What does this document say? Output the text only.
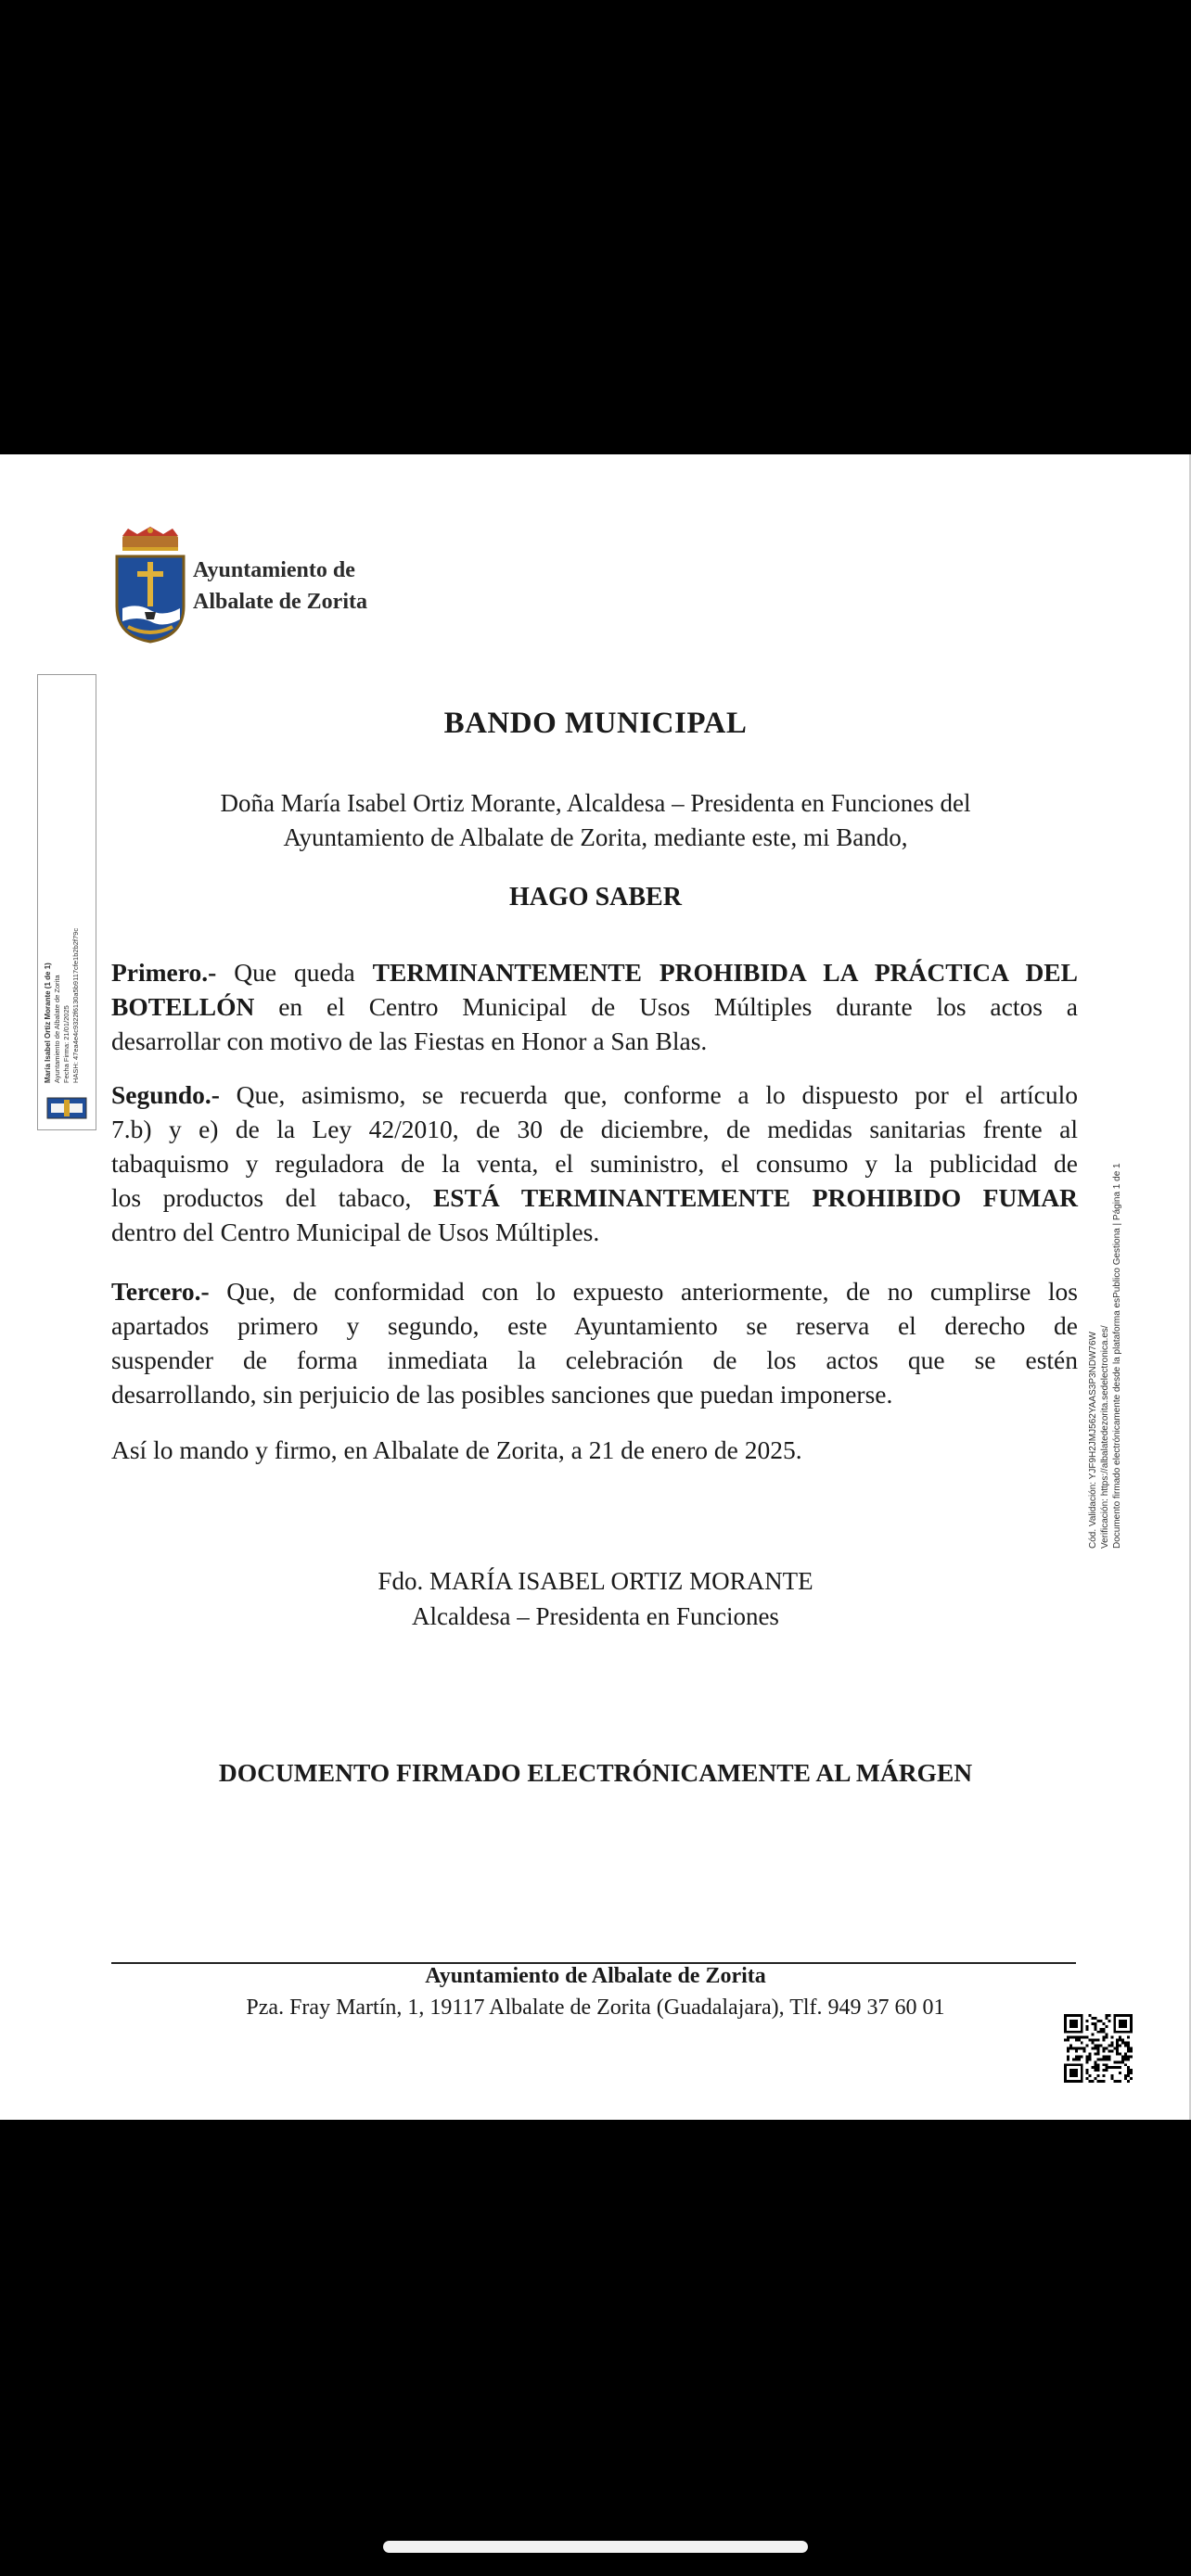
Ayuntamiento de
Albalate de Zorita
María Isabel Ortiz Morante (1 de 1) Ayuntamiento de Albalate de Zorita Fecha Firma: 21/01/2025 HASH: 47ea4e4c9322f6130a5b9117cfe1b2b2f79c
BANDO MUNICIPAL
Doña María Isabel Ortiz Morante, Alcaldesa – Presidenta en Funciones del
Ayuntamiento de Albalate de Zorita, mediante este, mi Bando,
HAGO SABER
Primero.- Que queda TERMINANTEMENTE PROHIBIDA LA PRÁCTICA DEL
BOTELLÓN en el Centro Municipal de Usos Múltiples durante los actos a
desarrollar con motivo de las Fiestas en Honor a San Blas.
Segundo.- Que, asimismo, se recuerda que, conforme a lo dispuesto por el artículo
7.b) y e) de la Ley 42/2010, de 30 de diciembre, de medidas sanitarias frente al
tabaquismo y reguladora de la venta, el suministro, el consumo y la publicidad de
los productos del tabaco, ESTÁ TERMINANTEMENTE PROHIBIDO FUMAR
dentro del Centro Municipal de Usos Múltiples.
Tercero.- Que, de conformidad con lo expuesto anteriormente, de no cumplirse los
apartados primero y segundo, este Ayuntamiento se reserva el derecho de
suspender de forma inmediata la celebración de los actos que se estén
desarrollando, sin perjuicio de las posibles sanciones que puedan imponerse.
Así lo mando y firmo, en Albalate de Zorita, a 21 de enero de 2025.
Fdo. MARÍA ISABEL ORTIZ MORANTE
Alcaldesa – Presidenta en Funciones
DOCUMENTO FIRMADO ELECTRÓNICAMENTE AL MÁRGEN
Cód. Validación: YJF9H2JMJ562YAAS3P3NDW76W Verificación: https://albalatedezorita.sedelectronica.es/ Documento firmado electrónicamente desde la plataforma esPublico Gestiona | Página 1 de 1
Ayuntamiento de Albalate de Zorita
Pza. Fray Martín, 1, 19117 Albalate de Zorita (Guadalajara), Tlf. 949 37 60 01
